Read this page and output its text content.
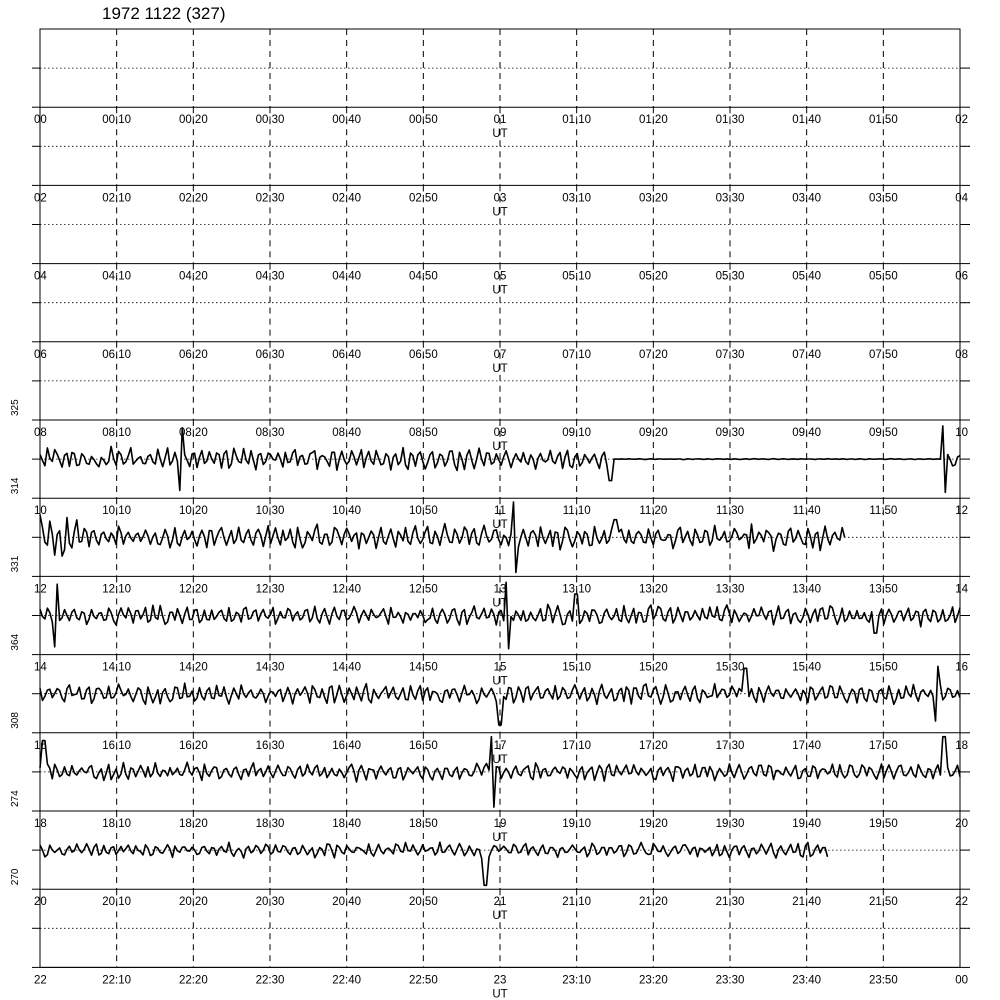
1972 1122 (327)
00	00:10	00:20	00:30	00:40	00:50	01	01:10	01:20	01:30	01:40	01:50	02
UT
02	02:10	02:20	02:30	02:40	02:50	03	03:10	03:20	03:30	03:40	03:50	04
UT
04	04:10	04:20	04:30	04:40	04:50	05	05:10	05:20	05:30	05:40	05:50	06
UT
06	06:10	06:20	06:30	06:40	06:50	07	07:10	07:20	07:30	07:40	07:50	08
UT
08	08:10	08:20	08:30	08:40	08:50	09	09:10	09:20	09:30	09:40	09:50	10
UT
325
10	10:10	10:20	10:30	10:40	10:50	11	11:10	11:20	11:30	11:40	11:50	12
UT
314
12	12:10	12:20	12:30	12:40	12:50	13	13:10	13:20	13:30	13:40	13:50	14
UT
331
14	14:10	14:20	14:30	14:40	14:50	15	15:10	15:20	15:30	15:40	15:50	16
UT
364
16	16:10	16:20	16:30	16:40	16:50	17	17:10	17:20	17:30	17:40	17:50	18
UT
308
18	18:10	18:20	18:30	18:40	18:50	19	19:10	19:20	19:30	19:40	19:50	20
UT
274
20	20:10	20:20	20:30	20:40	20:50	21	21:10	21:20	21:30	21:40	21:50	22
UT
270
22	22:10	22:20	22:30	22:40	22:50	23	23:10	23:20	23:30	23:40	23:50	00
UT
